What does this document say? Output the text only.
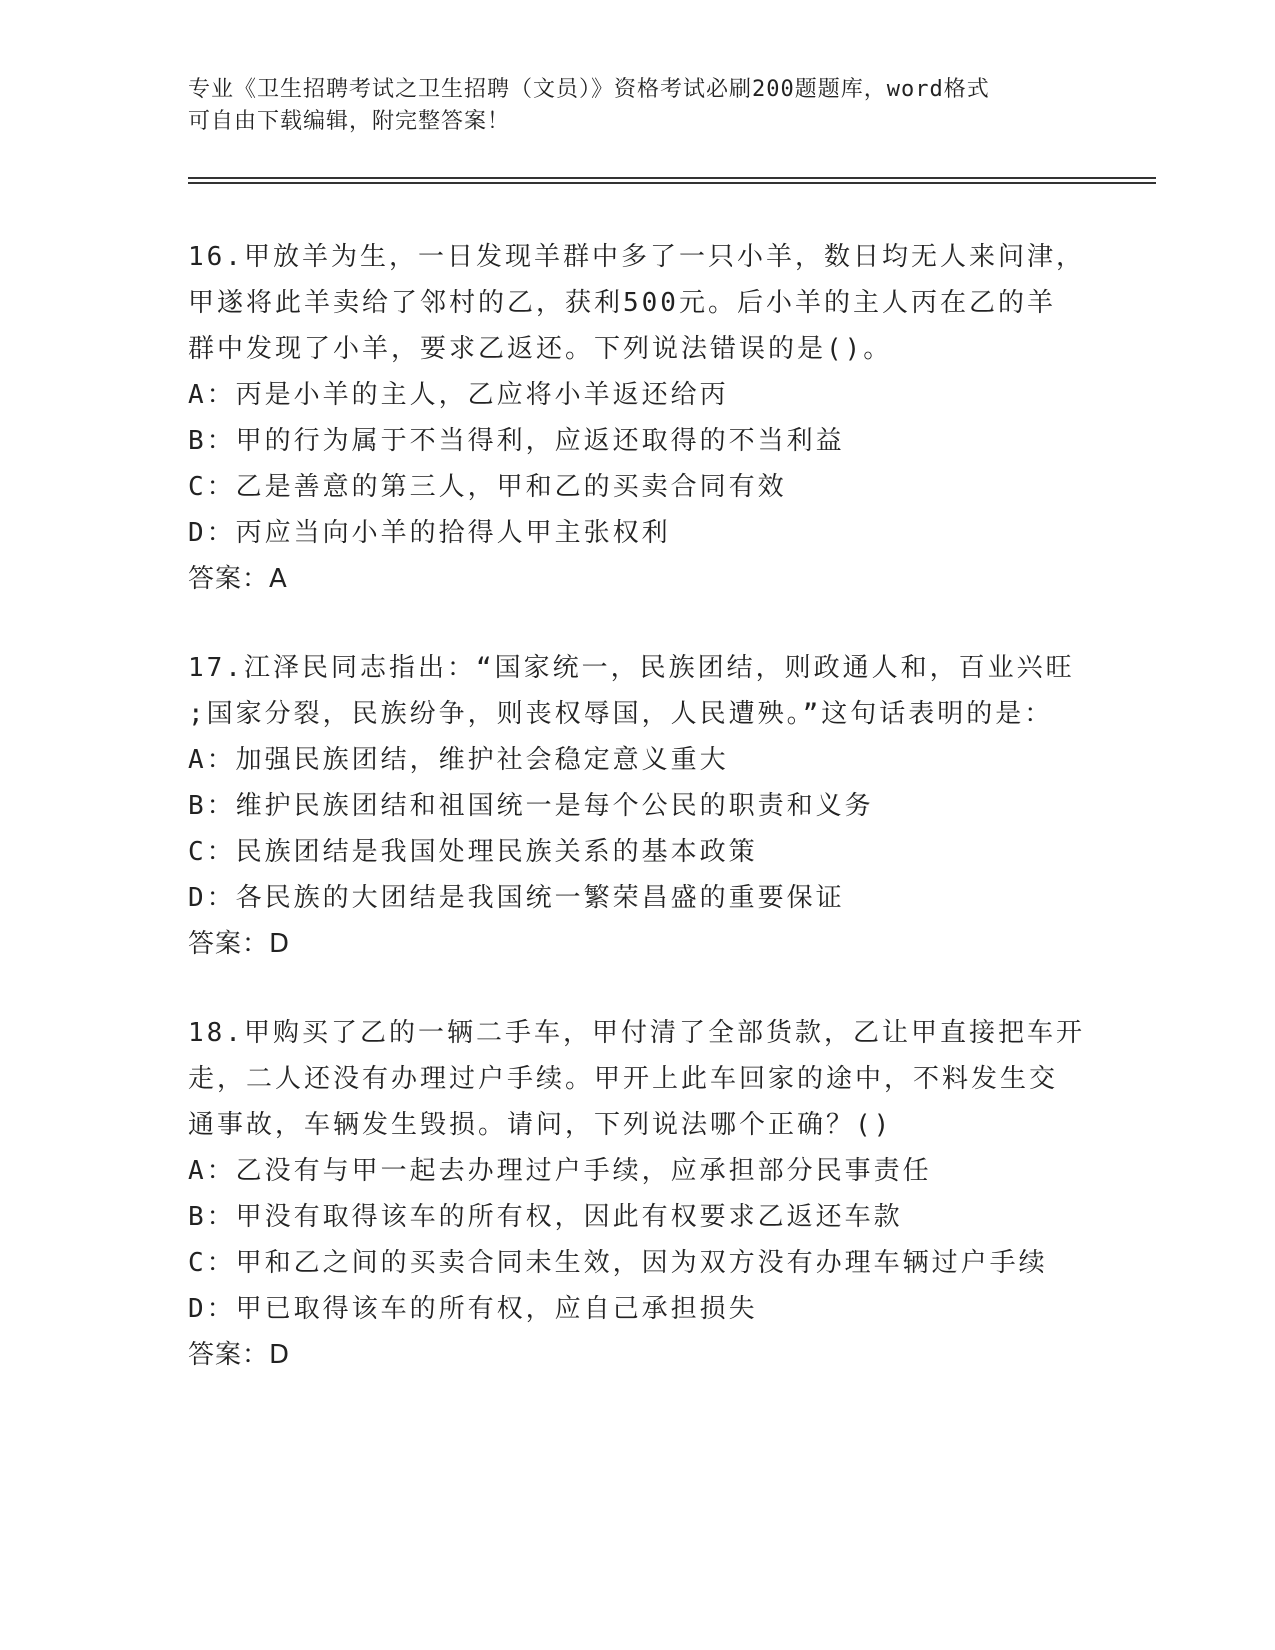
专业《卫生招聘考试之卫生招聘（文员）》资格考试必刷200题题库，word格式

可自由下载编辑，附完整答案！

16.甲放羊为生，一日发现羊群中多了一只小羊，数日均无人来问津，

甲遂将此羊卖给了邻村的乙，获利500元。后小羊的主人丙在乙的羊

群中发现了小羊，要求乙返还。下列说法错误的是()。

A：丙是小羊的主人，乙应将小羊返还给丙

B：甲的行为属于不当得利，应返还取得的不当利益

C：乙是善意的第三人，甲和乙的买卖合同有效

D：丙应当向小羊的拾得人甲主张权利

答案：A

17.江泽民同志指出：“国家统一，民族团结，则政通人和，百业兴旺

;国家分裂，民族纷争，则丧权辱国，人民遭殃。”这句话表明的是：

A：加强民族团结，维护社会稳定意义重大

B：维护民族团结和祖国统一是每个公民的职责和义务

C：民族团结是我国处理民族关系的基本政策

D：各民族的大团结是我国统一繁荣昌盛的重要保证

答案：D

18.甲购买了乙的一辆二手车，甲付清了全部货款，乙让甲直接把车开

走，二人还没有办理过户手续。甲开上此车回家的途中，不料发生交

通事故，车辆发生毁损。请问，下列说法哪个正确？()

A：乙没有与甲一起去办理过户手续，应承担部分民事责任

B：甲没有取得该车的所有权，因此有权要求乙返还车款

C：甲和乙之间的买卖合同未生效，因为双方没有办理车辆过户手续

D：甲已取得该车的所有权，应自己承担损失

答案：D
